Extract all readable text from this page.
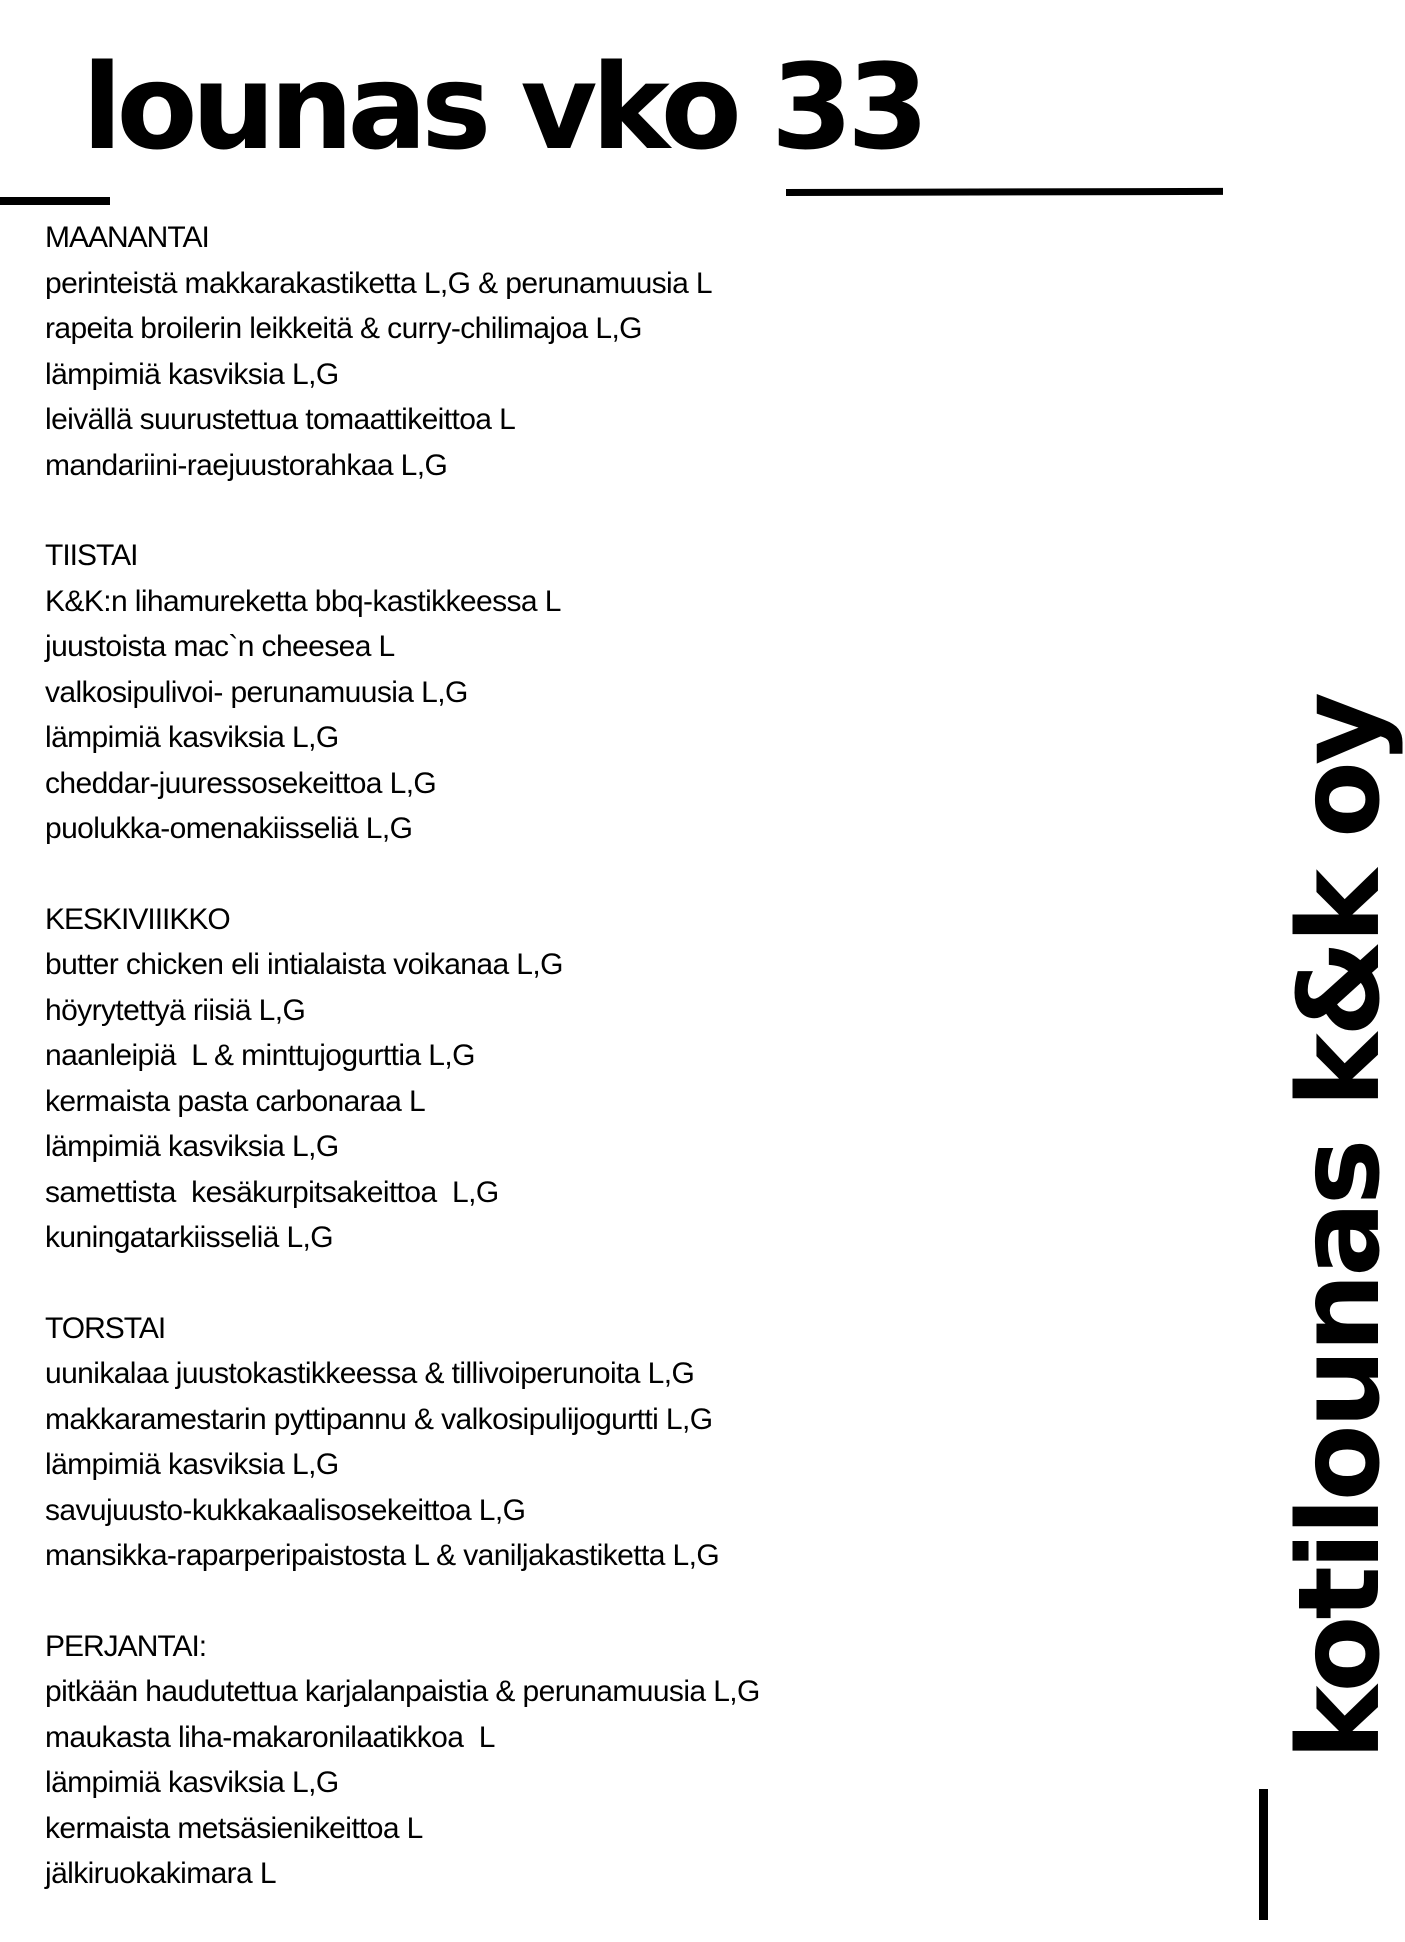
lounas vko 33
MAANANTAI
perinteistä makkarakastiketta L,G & perunamuusia L
rapeita broilerin leikkeitä & curry-chilimajoa L,G
lämpimiä kasviksia L,G
leivällä suurustettua tomaattikeittoa L
mandariini-raejuustorahkaa L,G
TIISTAI
K&K:n lihamureketta bbq-kastikkeessa L
juustoista mac`n cheesea L
valkosipulivoi- perunamuusia L,G
lämpimiä kasviksia L,G
cheddar-juuressosekeittoa L,G
puolukka-omenakiisseliä L,G
KESKIVIIIKKO
butter chicken eli intialaista voikanaa L,G
höyrytettyä riisiä L,G
naanleipiä  L & minttujogurttia L,G
kermaista pasta carbonaraa L
lämpimiä kasviksia L,G
samettista  kesäkurpitsakeittoa  L,G
kuningatarkiisseliä L,G
TORSTAI
uunikalaa juustokastikkeessa & tillivoiperunoita L,G
makkaramestarin pyttipannu & valkosipulijogurtti L,G
lämpimiä kasviksia L,G
savujuusto-kukkakaalisosekeittoa L,G
mansikka-raparperipaistosta L & vaniljakastiketta L,G
PERJANTAI:
pitkään haudutettua karjalanpaistia & perunamuusia L,G
maukasta liha-makaronilaatikkoa  L
lämpimiä kasviksia L,G
kermaista metsäsienikeittoa L
jälkiruokakimara L

kotilounas k&k oy
